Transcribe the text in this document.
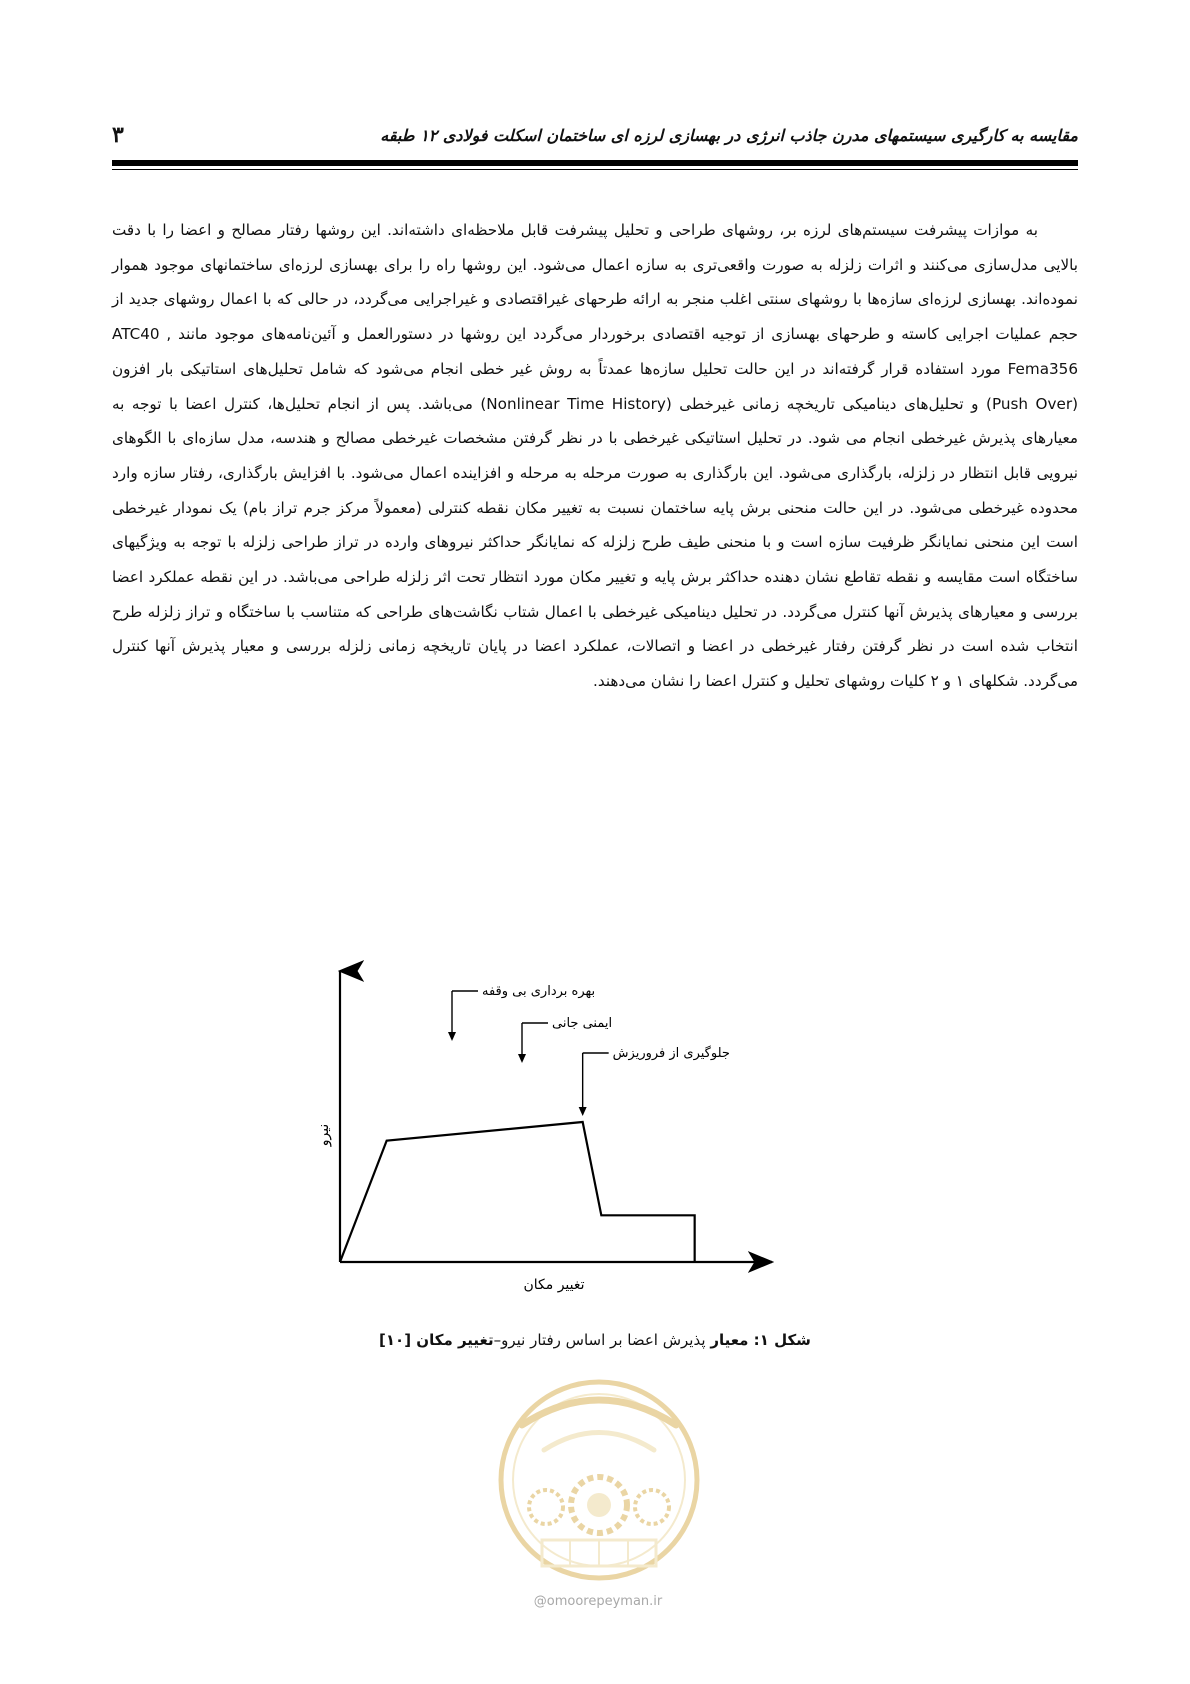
مقایسه به کارگیری سیستمهای مدرن جاذب انرژی در بهسازی لرزه ای ساختمان اسکلت فولادی ۱۲ طبقه
۳

به موازات پیشرفت سیستم‌های لرزه بر، روشهای طراحی و تحلیل پیشرفت قابل ملاحظه‌ای داشته‌اند. این روشها رفتار مصالح و اعضا را با دقت بالایی مدل‌سازی می‌کنند و اثرات زلزله به صورت واقعی‌تری به سازه اعمال می‌شود. این روشها راه را برای بهسازی لرزه‌ای ساختمانهای موجود هموار نموده‌اند. بهسازی لرزه‌ای سازه‌ها با روشهای سنتی اغلب منجر به ارائه طرحهای غیراقتصادی و غیراجرایی می‌گردد، در حالی که با اعمال روشهای جدید از حجم عملیات اجرایی کاسته و طرحهای بهسازی از توجیه اقتصادی برخوردار می‌گردد این روشها در دستورالعمل و آئین‌نامه‌های موجود مانند ATC40 , Fema356 مورد استفاده قرار گرفته‌اند در این حالت تحلیل سازه‌ها عمدتاً به روش غیر خطی انجام می‌شود که شامل تحلیل‌های استاتیکی بار افزون (Push Over) و تحلیل‌های دینامیکی تاریخچه زمانی غیرخطی (Nonlinear Time History) می‌باشد. پس از انجام تحلیل‌ها، کنترل اعضا با توجه به معیارهای پذیرش غیرخطی انجام می شود. در تحلیل استاتیکی غیرخطی با در نظر گرفتن مشخصات غیرخطی مصالح و هندسه، مدل سازه‌ای با الگوهای نیرویی قابل انتظار در زلزله، بارگذاری می‌شود. این بارگذاری به صورت مرحله به مرحله و افزاینده اعمال می‌شود. با افزایش بارگذاری، رفتار سازه وارد محدوده غیرخطی می‌شود. در این حالت منحنی برش پایه ساختمان نسبت به تغییر مکان نقطه کنترلی (معمولاً مرکز جرم تراز بام) یک نمودار غیرخطی است این منحنی نمایانگر ظرفیت سازه است و با منحنی طیف طرح زلزله که نمایانگر حداکثر نیروهای وارده در تراز طراحی زلزله با توجه به ویژگیهای ساختگاه است مقایسه و نقطه تقاطع نشان دهنده حداکثر برش پایه و تغییر مکان مورد انتظار تحت اثر زلزله طراحی می‌باشد. در این نقطه عملکرد اعضا بررسی و معیارهای پذیرش آنها کنترل می‌گردد. در تحلیل دینامیکی غیرخطی با اعمال شتاب نگاشت‌های طراحی که متناسب با ساختگاه و تراز زلزله طرح انتخاب شده است در نظر گرفتن رفتار غیرخطی در اعضا و اتصالات، عملکرد اعضا در پایان تاریخچه زمانی زلزله بررسی و معیار پذیرش آنها کنترل می‌گردد. شکلهای ۱ و ۲ کلیات روشهای تحلیل و کنترل اعضا را نشان می‌دهند.

بهره برداری بی وقفه
ایمنی جانی
جلوگیری از فروریزش
نیرو
تغییر مکان
شکل ۱: معیار پذیرش اعضا بر اساس رفتار نیرو–تغییر مکان [۱۰]
@omoorepeyman.ir
